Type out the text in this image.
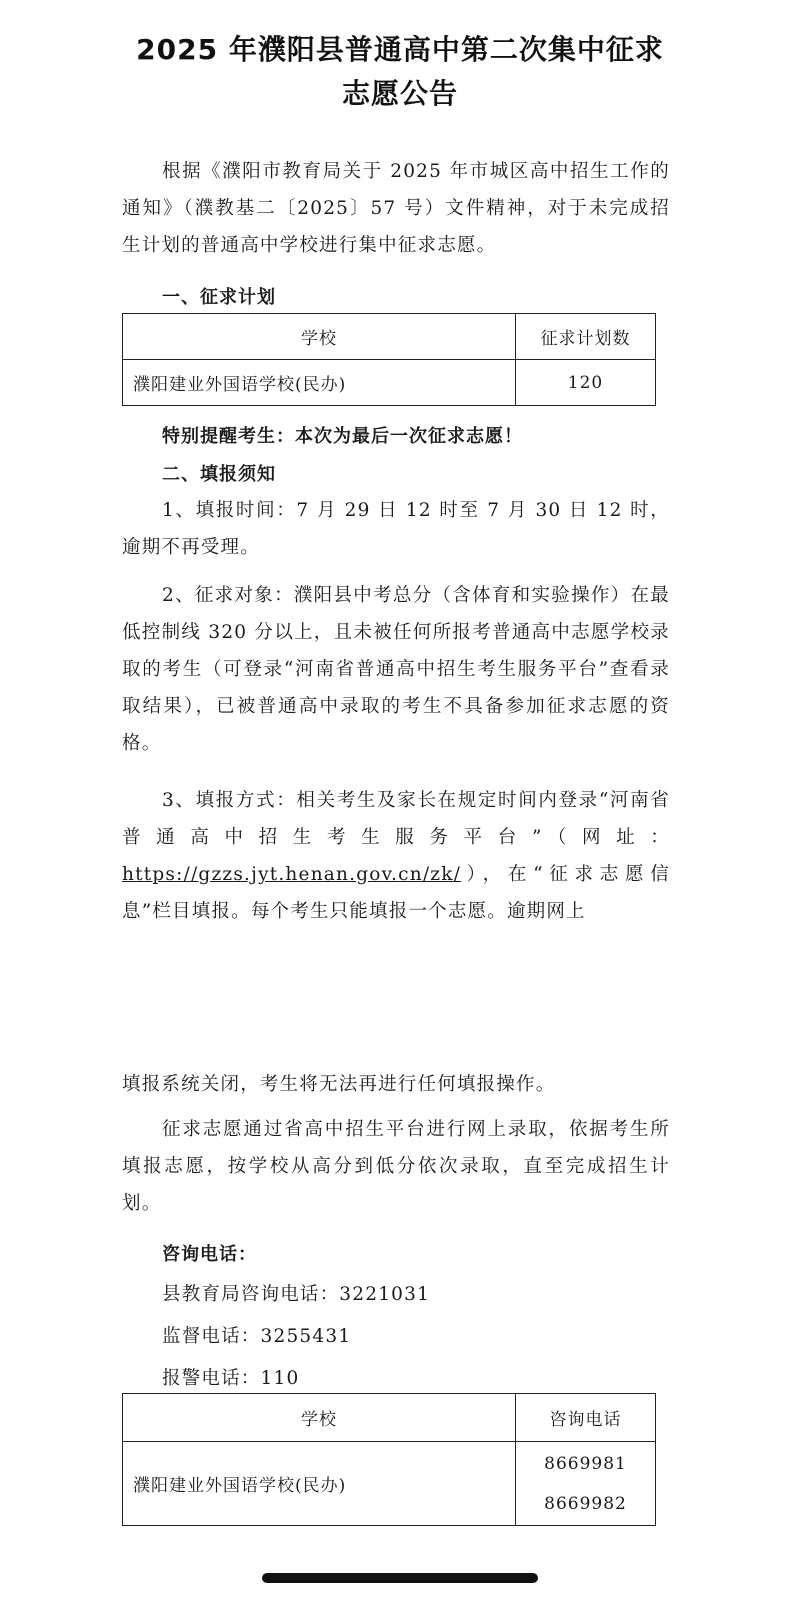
2025 年濮阳县普通高中第二次集中征求
志愿公告
根据《濮阳市教育局关于 2025 年市城区高中招生工作的通知》（濮教基二〔2025〕57 号）文件精神，对于未完成招生计划的普通高中学校进行集中征求志愿。
一、征求计划
学校	征求计划数
濮阳建业外国语学校(民办)	120
特别提醒考生：本次为最后一次征求志愿！
二、填报须知
1、填报时间：7 月 29 日 12 时至 7 月 30 日 12 时，逾期不再受理。
2、征求对象：濮阳县中考总分（含体育和实验操作）在最低控制线 320 分以上，且未被任何所报考普通高中志愿学校录取的考生（可登录“河南省普通高中招生考生服务平台”查看录取结果），已被普通高中录取的考生不具备参加征求志愿的资格。
3、填报方式：相关考生及家长在规定时间内登录“河南省普通高中招生考生服务平台”（网址：https://gzzs.jyt.henan.gov.cn/zk/），在“征求志愿信息”栏目填报。每个考生只能填报一个志愿。逾期网上
填报系统关闭，考生将无法再进行任何填报操作。
征求志愿通过省高中招生平台进行网上录取，依据考生所填报志愿，按学校从高分到低分依次录取，直至完成招生计划。
咨询电话：
县教育局咨询电话：3221031
监督电话：3255431
报警电话：110
学校	咨询电话
濮阳建业外国语学校(民办)	8669981
8669982
